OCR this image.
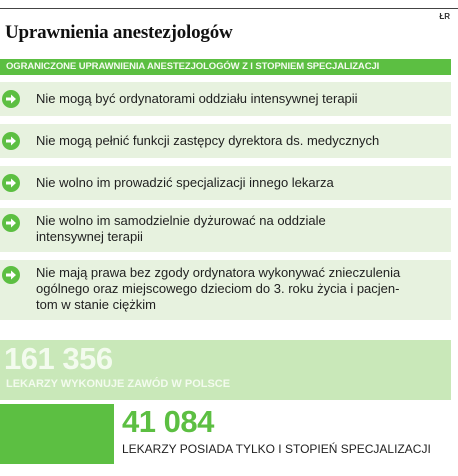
ŁR
Uprawnienia anestezjologów
OGRANICZONE UPRAWNIENIA ANESTEZJOLOGÓW Z I STOPNIEM SPECJALIZACJI
Nie mogą być ordynatorami oddziału intensywnej terapii
Nie mogą pełnić funkcji zastępcy dyrektora ds. medycznych
Nie wolno im prowadzić specjalizacji innego lekarza
Nie wolno im samodzielnie dyżurować na oddziale
intensywnej terapii
Nie mają prawa bez zgody ordynatora wykonywać znieczulenia
ogólnego oraz miejscowego dzieciom do 3. roku życia i pacjen-
tom w stanie ciężkim
161 356
LEKARZY WYKONUJE ZAWÓD W POLSCE
41 084
LEKARZY POSIADA TYLKO I STOPIEŃ SPECJALIZACJI
